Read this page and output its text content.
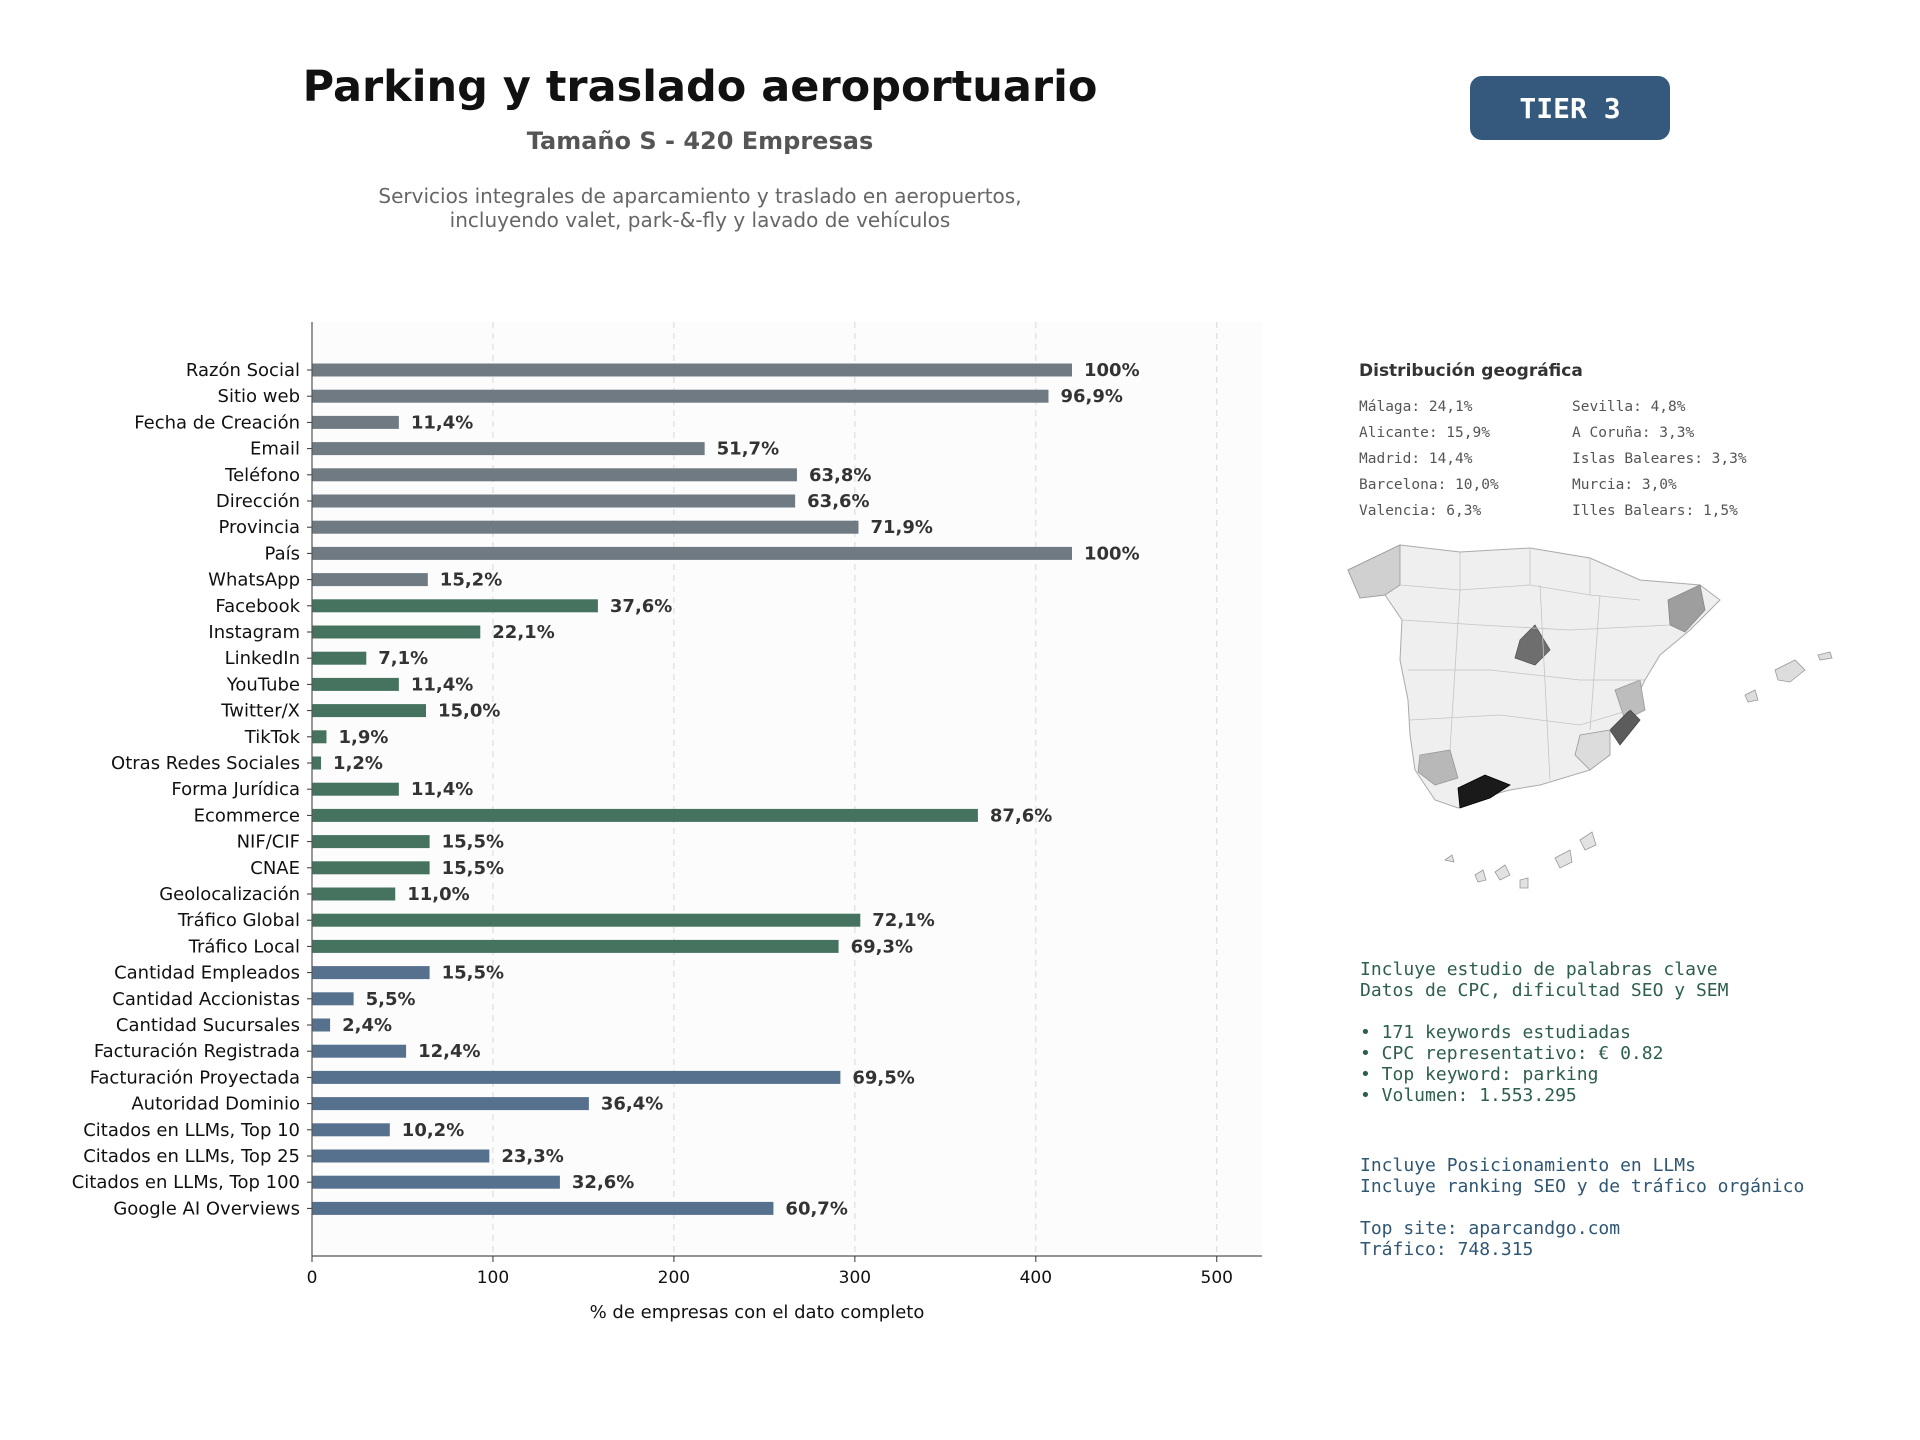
Parking y traslado aeroportuario
Tamaño S - 420 Empresas
Servicios integrales de aparcamiento y traslado en aeropuertos,
incluyendo valet, park-&-fly y lavado de vehículos
TIER 3
Razón Social	100%
Sitio web	96,9%
Fecha de Creación	11,4%
Email	51,7%
Teléfono	63,8%
Dirección	63,6%
Provincia	71,9%
País	100%
WhatsApp	15,2%
Facebook	37,6%
Instagram	22,1%
LinkedIn	7,1%
YouTube	11,4%
Twitter/X	15,0%
TikTok 1,9%
Otras Redes Sociales 1,2%
Forma Jurídica	11,4%
Ecommerce	87,6%
NIF/CIF	15,5%
CNAE	15,5%
Geolocalización	11,0%
Tráfico Global	72,1%
Tráfico Local	69,3%
Cantidad Empleados	15,5%
Cantidad Accionistas	5,5%
Cantidad Sucursales 2,4%
Facturación Registrada	12,4%
Facturación Proyectada	69,5%
Autoridad Dominio	36,4%
Citados en LLMs, Top 10	10,2%
Citados en LLMs, Top 25	23,3%
Citados en LLMs, Top 100	32,6%
Google AI Overviews	60,7%
0	100	200	300	400	500
% de empresas con el dato completo
Distribución geográfica
Málaga: 24,1%
Alicante: 15,9%
Madrid: 14,4%
Barcelona: 10,0%
Valencia: 6,3%
Sevilla: 4,8%
A Coruña: 3,3%
Islas Baleares: 3,3%
Murcia: 3,0%
Illes Balears: 1,5%
Incluye estudio de palabras clave
Datos de CPC, dificultad SEO y SEM

• 171 keywords estudiadas
• CPC representativo: € 0.82
• Top keyword: parking
• Volumen: 1.553.295
Incluye Posicionamiento en LLMs
Incluye ranking SEO y de tráfico orgánico

Top site: aparcandgo.com
Tráfico: 748.315
